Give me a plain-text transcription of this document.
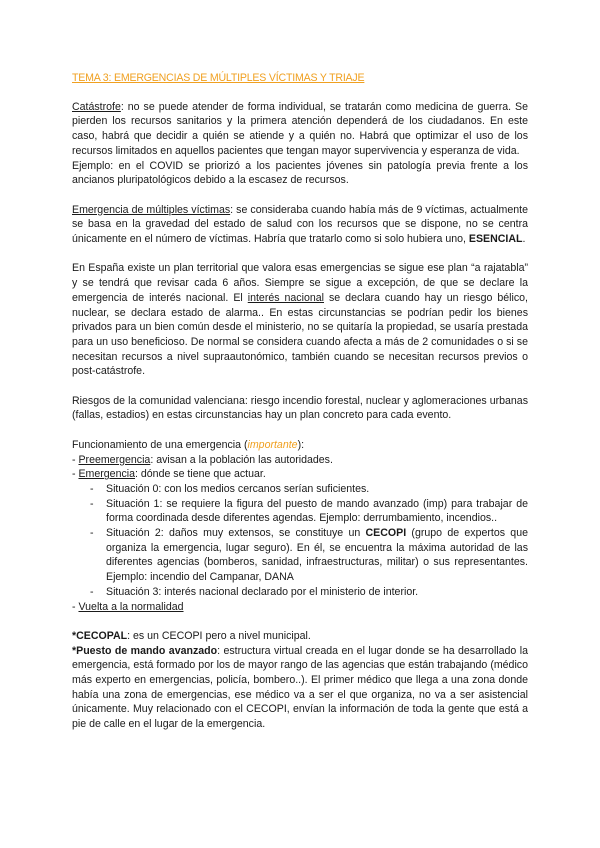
TEMA 3: EMERGENCIAS DE MÚLTIPLES VÍCTIMAS Y TRIAJE

Catástrofe: no se puede atender de forma individual, se tratarán como medicina de guerra. Se pierden los recursos sanitarios y la primera atención dependerá de los ciudadanos. En este caso, habrá que decidir a quién se atiende y a quién no. Habrá que optimizar el uso de los recursos limitados en aquellos pacientes que tengan mayor supervivencia y esperanza de vida.

Ejemplo: en el COVID se priorizó a los pacientes jóvenes sin patología previa frente a los ancianos pluripatológicos debido a la escasez de recursos.

Emergencia de múltiples víctimas: se consideraba cuando había más de 9 víctimas, actualmente se basa en la gravedad del estado de salud con los recursos que se dispone, no se centra únicamente en el número de víctimas. Habría que tratarlo como si solo hubiera uno, ESENCIAL.

En España existe un plan territorial que valora esas emergencias se sigue ese plan “a rajatabla” y se tendrá que revisar cada 6 años. Siempre se sigue a excepción, de que se declare la emergencia de interés nacional. El interés nacional se declara cuando hay un riesgo bélico, nuclear, se declara estado de alarma.. En estas circunstancias se podrían pedir los bienes privados para un bien común desde el ministerio, no se quitaría la propiedad, se usaría prestada para un uso beneficioso. De normal se considera cuando afecta a más de 2 comunidades o si se necesitan recursos a nivel supraautonómico, también cuando se necesitan recursos previos o post-catástrofe.

Riesgos de la comunidad valenciana: riesgo incendio forestal, nuclear y aglomeraciones urbanas (fallas, estadios) en estas circunstancias hay un plan concreto para cada evento.

Funcionamiento de una emergencia (importante):

- Preemergencia: avisan a la población las autoridades.

- Emergencia: dónde se tiene que actuar.

- Situación 0: con los medios cercanos serían suficientes.

- Situación 1: se requiere la figura del puesto de mando avanzado (imp) para trabajar de forma coordinada desde diferentes agendas. Ejemplo: derrumbamiento, incendios..

- Situación 2: daños muy extensos, se constituye un CECOPI (grupo de expertos que organiza la emergencia, lugar seguro). En él, se encuentra la máxima autoridad de las diferentes agencias (bomberos, sanidad, infraestructuras, militar) o sus representantes. Ejemplo: incendio del Campanar, DANA

- Situación 3: interés nacional declarado por el ministerio de interior.

- Vuelta a la normalidad

*CECOPAL: es un CECOPI pero a nivel municipal.

*Puesto de mando avanzado: estructura virtual creada en el lugar donde se ha desarrollado la emergencia, está formado por los de mayor rango de las agencias que están trabajando (médico más experto en emergencias, policía, bombero..). El primer médico que llega a una zona donde había una zona de emergencias, ese médico va a ser el que organiza, no va a ser asistencial únicamente. Muy relacionado con el CECOPI, envían la información de toda la gente que está a pie de calle en el lugar de la emergencia.
